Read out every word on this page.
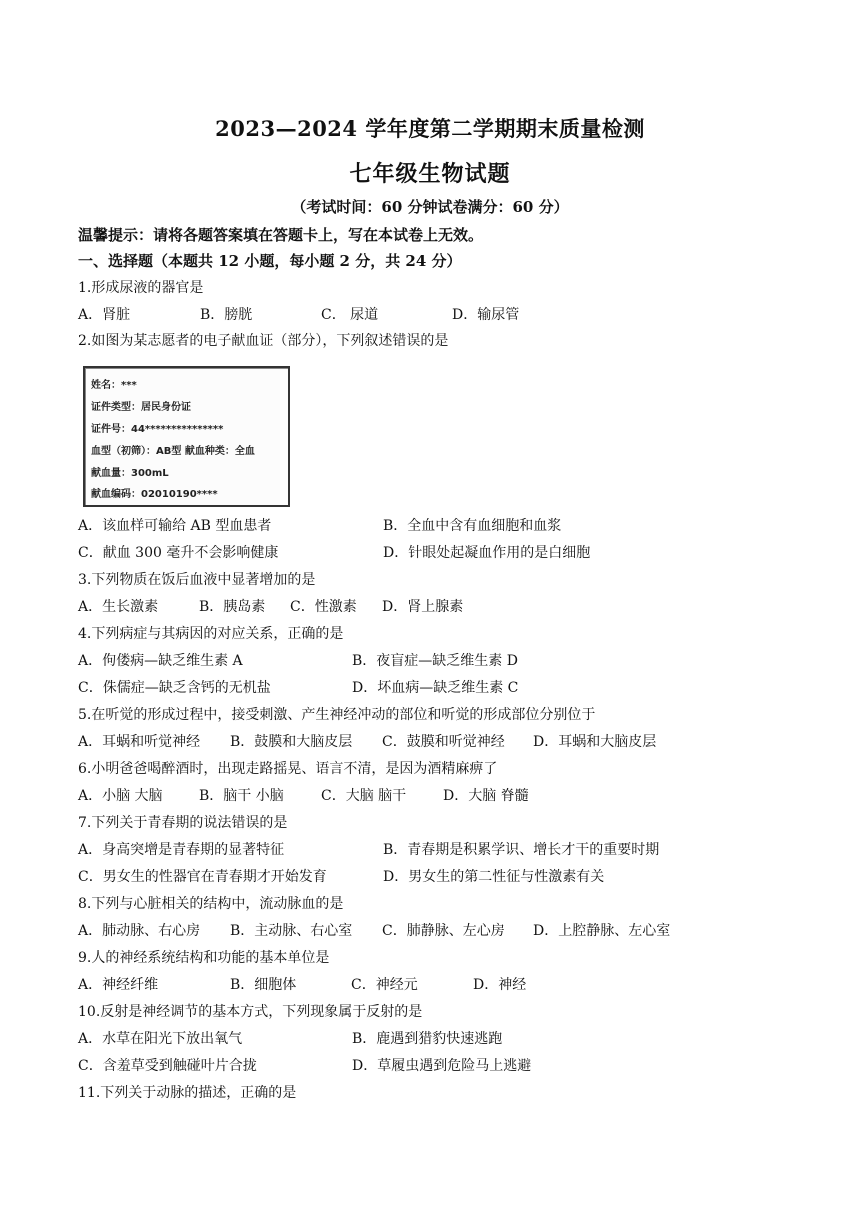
2023—2024 学年度第二学期期末质量检测
七年级生物试题
（考试时间：60 分钟试卷满分：60 分）
温馨提示：请将各题答案填在答题卡上，写在本试卷上无效。
一、选择题（本题共 12 小题，每小题 2 分，共 24 分）
1.形成尿液的器官是
A．肾脏	B．膀胱	C． 尿道	D．输尿管
2.如图为某志愿者的电子献血证（部分），下列叙述错误的是
姓名：***
证件类型：居民身份证
证件号：44***************
血型（初筛）：AB型 献血种类：全血
献血量：300mL
献血编码：02010190****
A．该血样可输给 AB 型血患者	B．全血中含有血细胞和血浆
C．献血 300 毫升不会影响健康	D．针眼处起凝血作用的是白细胞
3.下列物质在饭后血液中显著增加的是
A．生长激素	B．胰岛素 C．性激素 D．肾上腺素
4.下列病症与其病因的对应关系，正确的是
A．佝偻病—缺乏维生素 A	B．夜盲症—缺乏维生素 D
C．侏儒症—缺乏含钙的无机盐	D．坏血病—缺乏维生素 C
5.在听觉的形成过程中，接受刺激、产生神经冲动的部位和听觉的形成部位分别位于
A．耳蜗和听觉神经 B．鼓膜和大脑皮层 C．鼓膜和听觉神经 D．耳蜗和大脑皮层
6.小明爸爸喝醉酒时，出现走路摇晃、语言不清，是因为酒精麻痹了
A．小脑 大脑	B．脑干 小脑	C．大脑 脑干	D．大脑 脊髓
7.下列关于青春期的说法错误的是
A．身高突增是青春期的显著特征	B．青春期是积累学识、增长才干的重要时期
C．男女生的性器官在青春期才开始发育	D．男女生的第二性征与性激素有关
8.下列与心脏相关的结构中，流动脉血的是
A．肺动脉、右心房 B．主动脉、右心室 C．肺静脉、左心房 D．上腔静脉、左心室
9.人的神经系统结构和功能的基本单位是
A．神经纤维	B．细胞体	C．神经元	D．神经
10.反射是神经调节的基本方式，下列现象属于反射的是
A．水草在阳光下放出氧气	B．鹿遇到猎豹快速逃跑
C．含羞草受到触碰叶片合拢	D．草履虫遇到危险马上逃避
11.下列关于动脉的描述，正确的是
